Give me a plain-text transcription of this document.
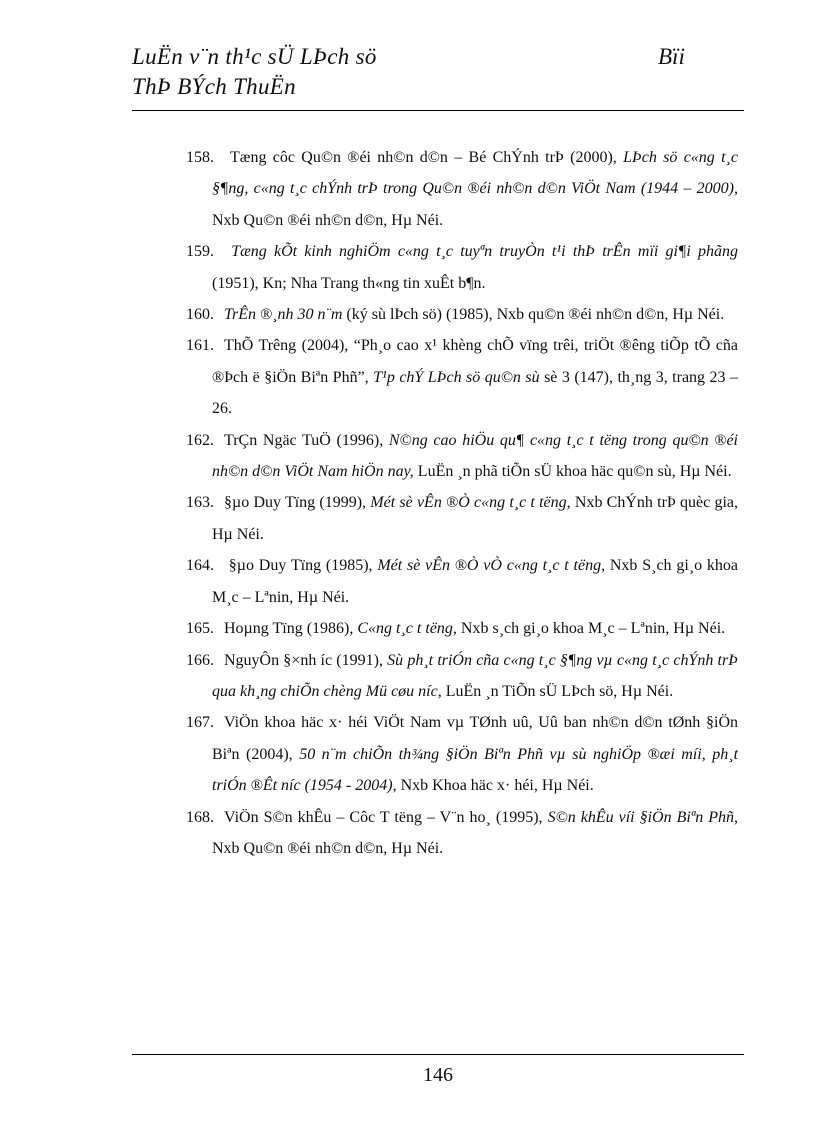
LuËn v¨n th¹c sÜ LÞch sö
ThÞ BÝch ThuËn
Bïi

158. Tæng côc Qu©n ®éi nh©n d©n – Bé ChÝnh trÞ (2000), LÞch sö c«ng t¸c §¶ng, c«ng t¸c chÝnh trÞ trong Qu©n ®éi nh©n d©n ViÖt Nam (1944 – 2000), Nxb Qu©n ®éi nh©n d©n, Hµ Néi.

159. Tæng kÕt kinh nghiÖm c«ng t¸c tuyªn truyÒn t¹i thÞ trÊn mïi gi¶i phãng (1951), Kn; Nha Trang th«ng tin xuÊt b¶n.

160. TrÊn ®¸nh 30 n¨m (ký sù lÞch sö) (1985), Nxb qu©n ®éi nh©n d©n, Hµ Néi.

161. ThÕ Trêng (2004), “Ph¸o cao x¹ khèng chÕ vïng trêi, triÖt ®êng tiÕp tÕ cña ®Þch ë §iÖn Biªn Phñ”, T¹p chÝ LÞch sö qu©n sù sè 3 (147), th¸ng 3, trang 23 – 26.

162. TrÇn Ngäc TuÖ (1996), N©ng cao hiÖu qu¶ c«ng t¸c t tëng trong qu©n ®éi nh©n d©n ViÖt Nam hiÖn nay, LuËn ¸n phã tiÕn sÜ khoa häc qu©n sù, Hµ Néi.

163. §µo Duy Tïng (1999), Mét sè vÊn ®Ò c«ng t¸c t tëng, Nxb ChÝnh trÞ quèc gia, Hµ Néi.

164. §µo Duy Tïng (1985), Mét sè vÊn ®Ò vÒ c«ng t¸c t tëng, Nxb S¸ch gi¸o khoa M¸c – Lªnin, Hµ Néi.

165. Hoµng Tïng (1986), C«ng t¸c t tëng, Nxb s¸ch gi¸o khoa M¸c – Lªnin, Hµ Néi.

166. NguyÔn §×nh íc (1991), Sù ph¸t triÓn cña c«ng t¸c §¶ng vµ c«ng t¸c chÝnh trÞ qua kh¸ng chiÕn chèng Mü cøu níc, LuËn ¸n TiÕn sÜ LÞch sö, Hµ Néi.

167. ViÖn khoa häc x· héi ViÖt Nam vµ TØnh uû, Uû ban nh©n d©n tØnh §iÖn Biªn (2004), 50 n¨m chiÕn th¾ng §iÖn Biªn Phñ vµ sù nghiÖp ®æi míi, ph¸t triÓn ®Êt níc (1954 - 2004), Nxb Khoa häc x· héi, Hµ Néi.

168. ViÖn S©n khÊu – Côc T tëng – V¨n ho¸ (1995), S©n khÊu víi §iÖn Biªn Phñ, Nxb Qu©n ®éi nh©n d©n, Hµ Néi.

146
